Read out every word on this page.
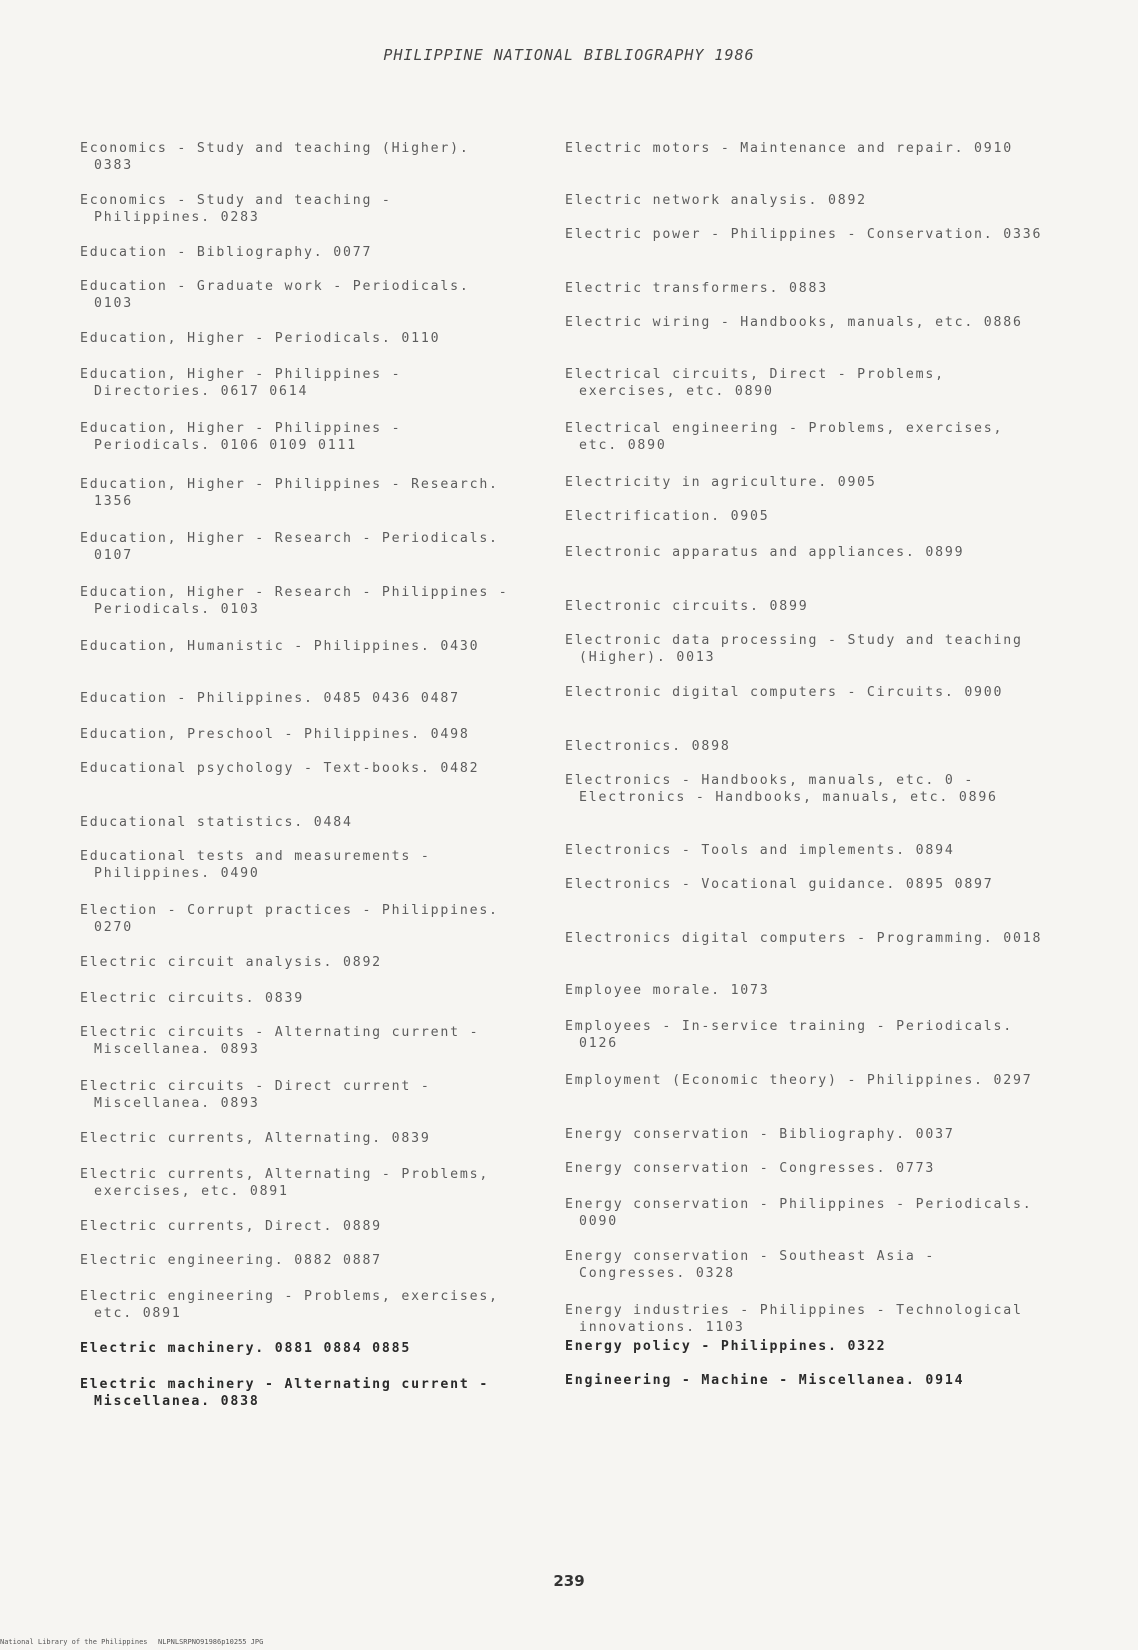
PHILIPPINE NATIONAL BIBLIOGRAPHY 1986
Economics - Study and teaching (Higher). 0383
Economics - Study and teaching - Philippines. 0283
Education - Bibliography. 0077
Education - Graduate work - Periodicals. 0103
Education, Higher - Periodicals. 0110
Education, Higher - Philippines - Directories. 0617 0614
Education, Higher - Philippines - Periodicals. 0106 0109 0111
Education, Higher - Philippines - Research. 1356
Education, Higher - Research - Periodicals. 0107
Education, Higher - Research - Philippines - Periodicals. 0103
Education, Humanistic - Philippines. 0430
Education - Philippines. 0485 0436 0487
Education, Preschool - Philippines. 0498
Educational psychology - Text-books. 0482
Educational statistics. 0484
Educational tests and measurements - Philippines. 0490
Election - Corrupt practices - Philippines. 0270
Electric circuit analysis. 0892
Electric circuits. 0839
Electric circuits - Alternating current - Miscellanea. 0893
Electric circuits - Direct current - Miscellanea. 0893
Electric currents, Alternating. 0839
Electric currents, Alternating - Problems, exercises, etc. 0891
Electric currents, Direct. 0889
Electric engineering. 0882 0887
Electric engineering - Problems, exercises, etc. 0891
Electric machinery. 0881 0884 0885
Electric machinery - Alternating current - Miscellanea. 0838
Electric motors - Maintenance and repair. 0910
Electric network analysis. 0892
Electric power - Philippines - Conservation. 0336
Electric transformers. 0883
Electric wiring - Handbooks, manuals, etc. 0886
Electrical circuits, Direct - Problems, exercises, etc. 0890
Electrical engineering - Problems, exercises, etc. 0890
Electricity in agriculture. 0905
Electrification. 0905
Electronic apparatus and appliances. 0899
Electronic circuits. 0899
Electronic data processing - Study and teaching (Higher). 0013
Electronic digital computers - Circuits. 0900
Electronics. 0898
Electronics - Handbooks, manuals, etc. 0 - Electronics - Handbooks, manuals, etc. 0896
Electronics - Tools and implements. 0894
Electronics - Vocational guidance. 0895 0897
Electronics digital computers - Programming. 0018
Employee morale. 1073
Employees - In-service training - Periodicals. 0126
Employment (Economic theory) - Philippines. 0297
Energy conservation - Bibliography. 0037
Energy conservation - Congresses. 0773
Energy conservation - Philippines - Periodicals. 0090
Energy conservation - Southeast Asia - Congresses. 0328
Energy industries - Philippines - Technological innovations. 1103
Energy policy - Philippines. 0322
Engineering - Machine - Miscellanea. 0914
239
National Library of the Philippines NLPNLSRPNO91986p10255 JPG
